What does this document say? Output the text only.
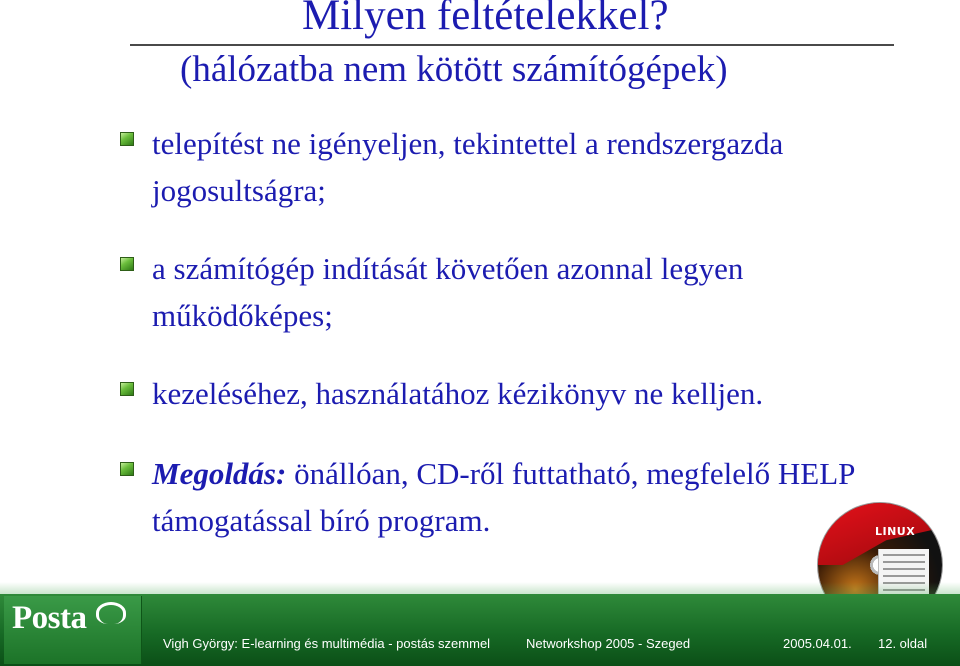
Milyen feltételekkel?
(hálózatba nem kötött számítógépek)
telepítést ne igényeljen, tekintettel a rendszergazda jogosultságra;
a számítógép indítását követően azonnal legyen működőképes;
kezeléséhez, használatához kézikönyv ne kelljen.
Megoldás: önállóan, CD-ről futtatható, megfelelő HELP támogatással bíró program.	LINUX
Posta
Vigh György: E-learning és multimédia - postás szemmel	Networkshop 2005 - Szeged	2005.04.01. 12. oldal
